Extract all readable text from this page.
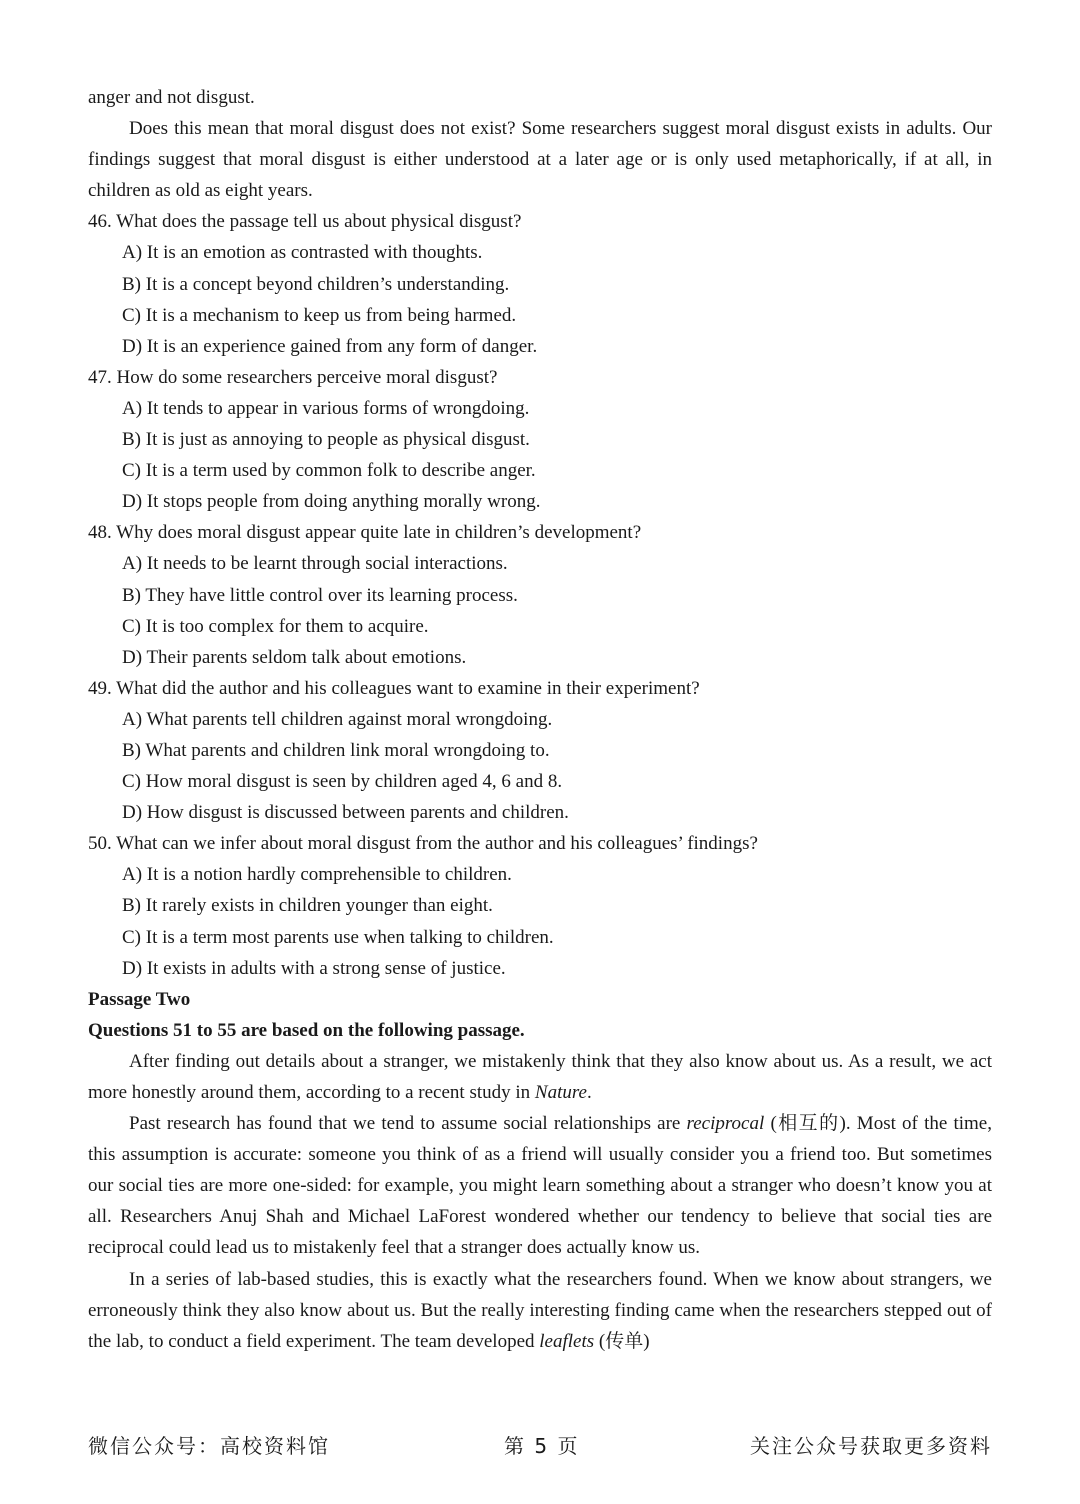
anger and not disgust.

Does this mean that moral disgust does not exist? Some researchers suggest moral disgust exists in adults. Our findings suggest that moral disgust is either understood at a later age or is only used metaphorically, if at all, in children as old as eight years.

46. What does the passage tell us about physical disgust?

A) It is an emotion as contrasted with thoughts.

B) It is a concept beyond children’s understanding.

C) It is a mechanism to keep us from being harmed.

D) It is an experience gained from any form of danger.

47. How do some researchers perceive moral disgust?

A) It tends to appear in various forms of wrongdoing.

B) It is just as annoying to people as physical disgust.

C) It is a term used by common folk to describe anger.

D) It stops people from doing anything morally wrong.

48. Why does moral disgust appear quite late in children’s development?

A) It needs to be learnt through social interactions.

B) They have little control over its learning process.

C) It is too complex for them to acquire.

D) Their parents seldom talk about emotions.

49. What did the author and his colleagues want to examine in their experiment?

A) What parents tell children against moral wrongdoing.

B) What parents and children link moral wrongdoing to.

C) How moral disgust is seen by children aged 4, 6 and 8.

D) How disgust is discussed between parents and children.

50. What can we infer about moral disgust from the author and his colleagues’ findings?

A) It is a notion hardly comprehensible to children.

B) It rarely exists in children younger than eight.

C) It is a term most parents use when talking to children.

D) It exists in adults with a strong sense of justice.

Passage Two

Questions 51 to 55 are based on the following passage.

After finding out details about a stranger, we mistakenly think that they also know about us. As a result, we act more honestly around them, according to a recent study in Nature.

Past research has found that we tend to assume social relationships are reciprocal (相互的). Most of the time, this assumption is accurate: someone you think of as a friend will usually consider you a friend too. But sometimes our social ties are more one-sided: for example, you might learn something about a stranger who doesn’t know you at all. Researchers Anuj Shah and Michael LaForest wondered whether our tendency to believe that social ties are reciprocal could lead us to mistakenly feel that a stranger does actually know us.

In a series of lab-based studies, this is exactly what the researchers found. When we know about strangers, we erroneously think they also know about us. But the really interesting finding came when the researchers stepped out of the lab, to conduct a field experiment. The team developed leaflets (传单)

微信公众号：高校资料馆	第 5 页	关注公众号获取更多资料
